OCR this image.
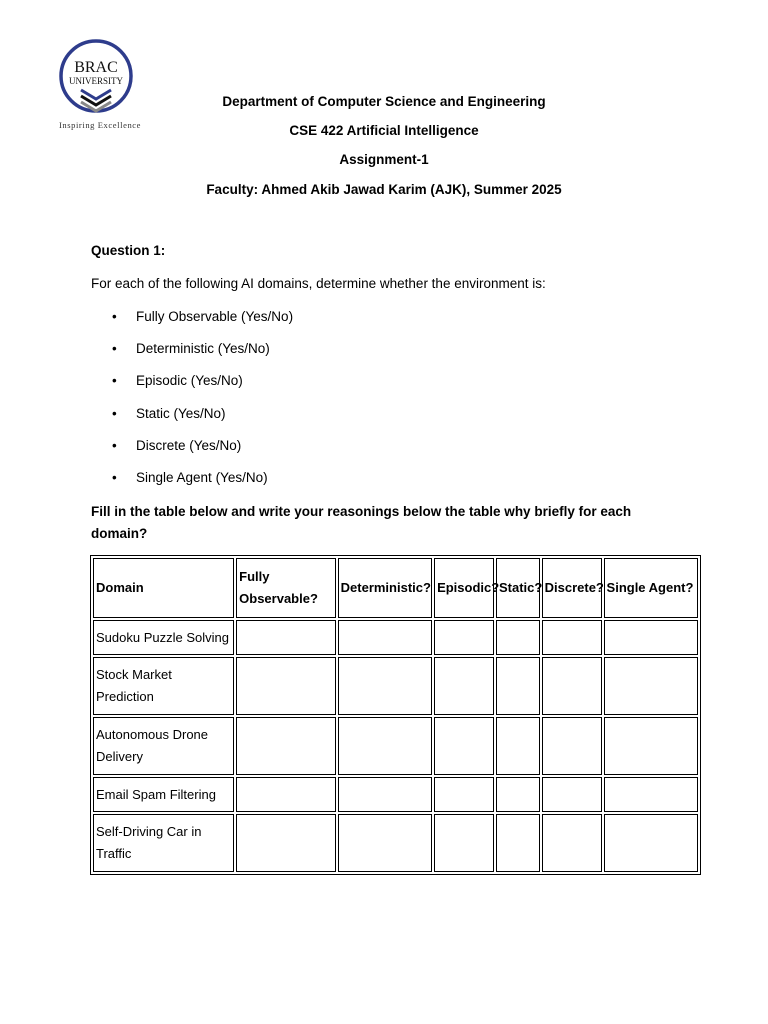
BRAC
UNIVERSITY
Inspiring Excellence
Department of Computer Science and Engineering
CSE 422 Artificial Intelligence
Assignment-1
Faculty: Ahmed Akib Jawad Karim (AJK), Summer 2025
Question 1:
For each of the following AI domains, determine whether the environment is:
• Fully Observable (Yes/No)
• Deterministic (Yes/No)
• Episodic (Yes/No)
• Static (Yes/No)
• Discrete (Yes/No)
• Single Agent (Yes/No)
Fill in the table below and write your reasonings below the table why briefly for each domain?
Domain	Fully Observable?	Deterministic?	Episodic?	Static?	Discrete?	Single Agent?
Sudoku Puzzle Solving						
Stock Market Prediction						
Autonomous Drone Delivery						
Email Spam Filtering						
Self-Driving Car in Traffic						
